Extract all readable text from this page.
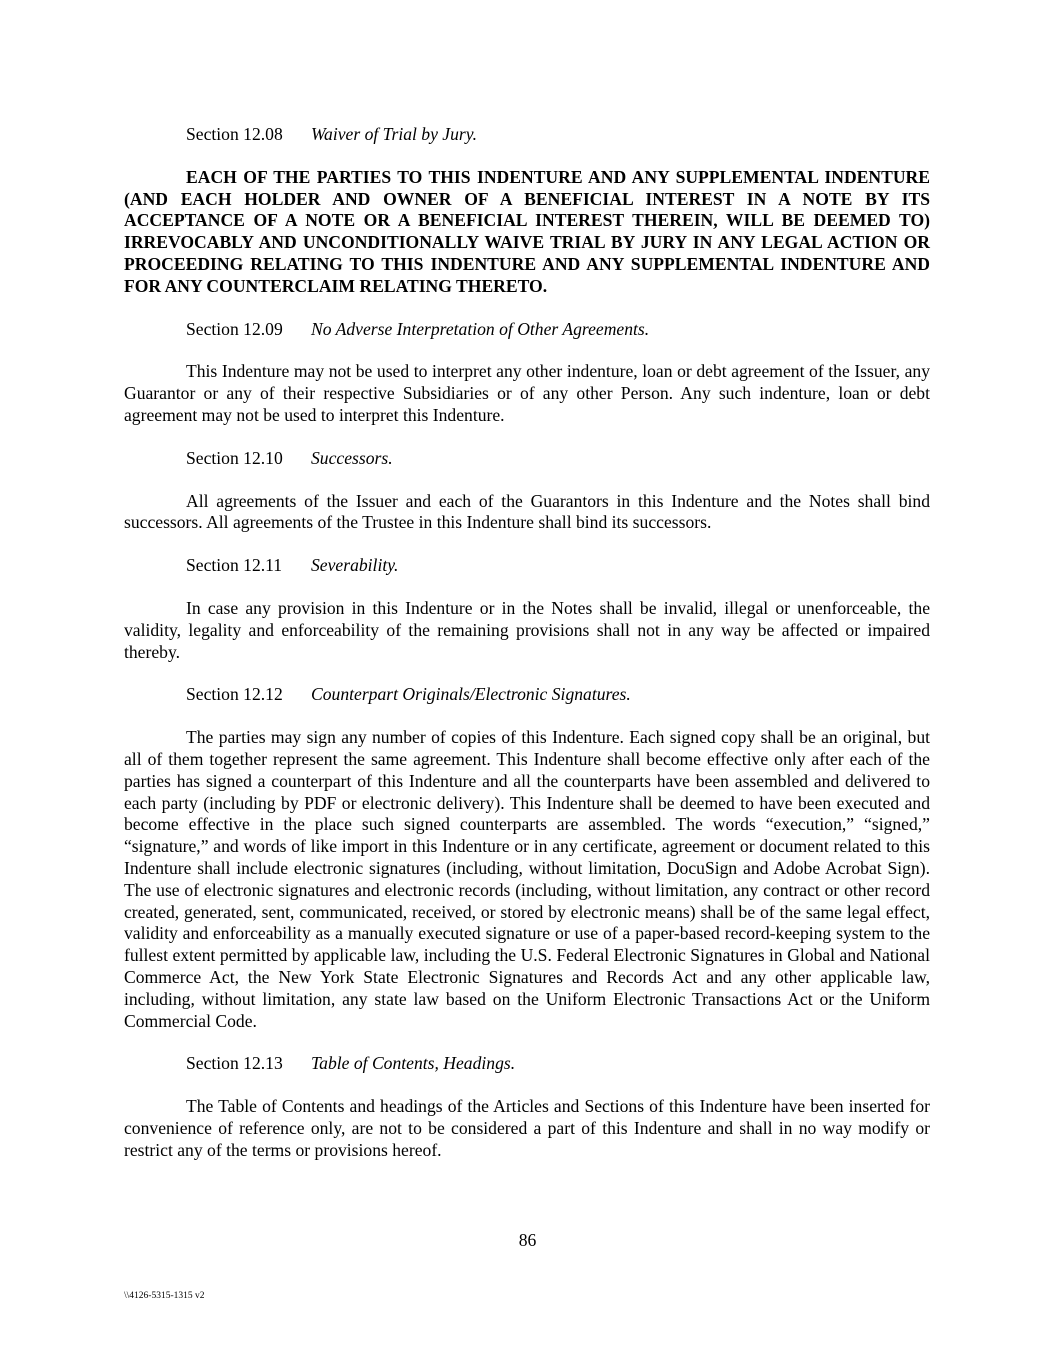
Section 12.08 Waiver of Trial by Jury.

EACH OF THE PARTIES TO THIS INDENTURE AND ANY SUPPLEMENTAL INDENTURE (AND EACH HOLDER AND OWNER OF A BENEFICIAL INTEREST IN A NOTE BY ITS ACCEPTANCE OF A NOTE OR A BENEFICIAL INTEREST THEREIN, WILL BE DEEMED TO) IRREVOCABLY AND UNCONDITIONALLY WAIVE TRIAL BY JURY IN ANY LEGAL ACTION OR PROCEEDING RELATING TO THIS INDENTURE AND ANY SUPPLEMENTAL INDENTURE AND FOR ANY COUNTERCLAIM RELATING THERETO.

Section 12.09 No Adverse Interpretation of Other Agreements.

This Indenture may not be used to interpret any other indenture, loan or debt agreement of the Issuer, any Guarantor or any of their respective Subsidiaries or of any other Person. Any such indenture, loan or debt agreement may not be used to interpret this Indenture.

Section 12.10 Successors.

All agreements of the Issuer and each of the Guarantors in this Indenture and the Notes shall bind successors. All agreements of the Trustee in this Indenture shall bind its successors.

Section 12.11 Severability.

In case any provision in this Indenture or in the Notes shall be invalid, illegal or unenforceable, the validity, legality and enforceability of the remaining provisions shall not in any way be affected or impaired thereby.

Section 12.12 Counterpart Originals/Electronic Signatures.

The parties may sign any number of copies of this Indenture. Each signed copy shall be an original, but all of them together represent the same agreement. This Indenture shall become effective only after each of the parties has signed a counterpart of this Indenture and all the counterparts have been assembled and delivered to each party (including by PDF or electronic delivery). This Indenture shall be deemed to have been executed and become effective in the place such signed counterparts are assembled. The words “execution,” “signed,” “signature,” and words of like import in this Indenture or in any certificate, agreement or document related to this Indenture shall include electronic signatures (including, without limitation, DocuSign and Adobe Acrobat Sign). The use of electronic signatures and electronic records (including, without limitation, any contract or other record created, generated, sent, communicated, received, or stored by electronic means) shall be of the same legal effect, validity and enforceability as a manually executed signature or use of a paper-based record-keeping system to the fullest extent permitted by applicable law, including the U.S. Federal Electronic Signatures in Global and National Commerce Act, the New York State Electronic Signatures and Records Act and any other applicable law, including, without limitation, any state law based on the Uniform Electronic Transactions Act or the Uniform Commercial Code.

Section 12.13 Table of Contents, Headings.

The Table of Contents and headings of the Articles and Sections of this Indenture have been inserted for convenience of reference only, are not to be considered a part of this Indenture and shall in no way modify or restrict any of the terms or provisions hereof.

86
\\4126-5315-1315 v2
